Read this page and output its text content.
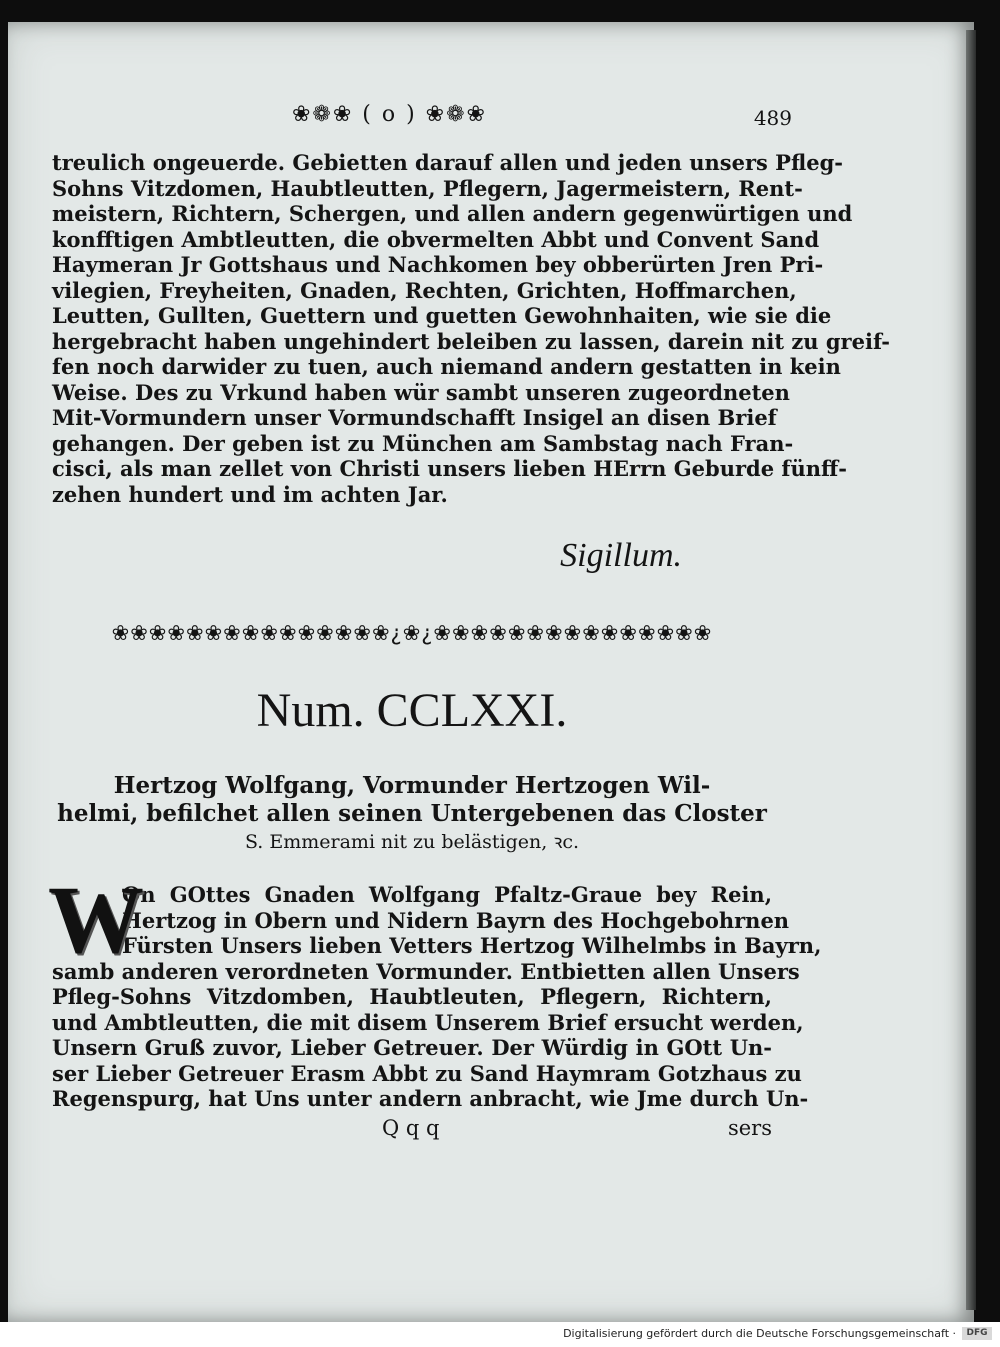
❀❁❀ ( o ) ❀❁❀	489
treulich ongeuerde. Gebietten darauf allen und jeden unsers Pfleg-
Sohns Vitzdomen, Haubtleutten, Pflegern, Jagermeistern, Rent-
meistern, Richtern, Schergen, und allen andern gegenwürtigen und
konfftigen Ambtleutten, die obvermelten Abbt und Convent Sand
Haymeran Jr Gottshaus und Nachkomen bey obberürten Jren Pri-
vilegien, Freyheiten, Gnaden, Rechten, Grichten, Hoffmarchen,
Leutten, Gullten, Guettern und guetten Gewohnhaiten, wie sie die
hergebracht haben ungehindert beleiben zu lassen, darein nit zu greif-
fen noch darwider zu tuen, auch niemand andern gestatten in kein
Weise. Des zu Vrkund haben wür sambt unseren zugeordneten
Mit-Vormundern unser Vormundschafft Insigel an disen Brief
gehangen. Der geben ist zu München am Sambstag nach Fran-
cisci, als man zellet von Christi unsers lieben HErrn Geburde fünff-
zehen hundert und im achten Jar.
Sigillum.
❀❀❀❀❀❀❀❀❀❀❀❀❀❀❀¿❀¿❀❀❀❀❀❀❀❀❀❀❀❀❀❀❀
Num. CCLXXI.
Hertzog Wolfgang, Vormunder Hertzogen Wil-
helmi, befilchet allen seinen Untergebenen das Closter
S. Emmerami nit zu belästigen, ꝛc.
W
On GOttes Gnaden Wolfgang Pfaltz-Graue bey Rein,
Hertzog in Obern und Nidern Bayrn des Hochgebohrnen
Fürsten Unsers lieben Vetters Hertzog Wilhelmbs in Bayrn,
samb anderen verordneten Vormunder. Entbietten allen Unsers
Pfleg-Sohns Vitzdomben, Haubtleuten, Pflegern, Richtern,
und Ambtleutten, die mit disem Unserem Brief ersucht werden,
Unsern Gruß zuvor, Lieber Getreuer. Der Würdig in GOtt Un-
ser Lieber Getreuer Erasm Abbt zu Sand Haymram Gotzhaus zu
Regenspurg, hat Uns unter andern anbracht, wie Jme durch Un-
Q q q	sers
Digitalisierung gefördert durch die Deutsche Forschungsgemeinschaft ·	DFG
